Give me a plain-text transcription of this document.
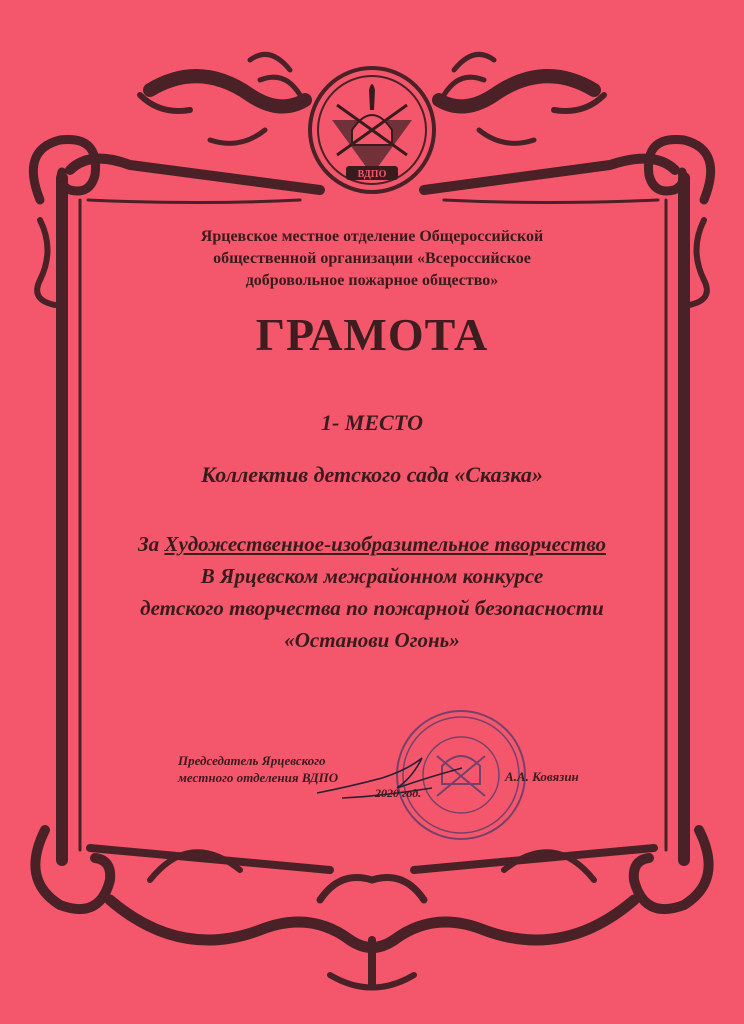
ВДПО
Ярцевское местное отделение Общероссийской
общественной организации «Всероссийское
добровольное пожарное общество»
ГРАМОТА
1- МЕСТО
Коллектив детского сада «Сказка»
За Художественное-изобразительное творчество
В Ярцевском межрайонном конкурсе
детского творчества по пожарной безопасности
«Останови Огонь»
Председатель Ярцевского
местного отделения ВДПО	А.А. Ковязин
2020 год.
